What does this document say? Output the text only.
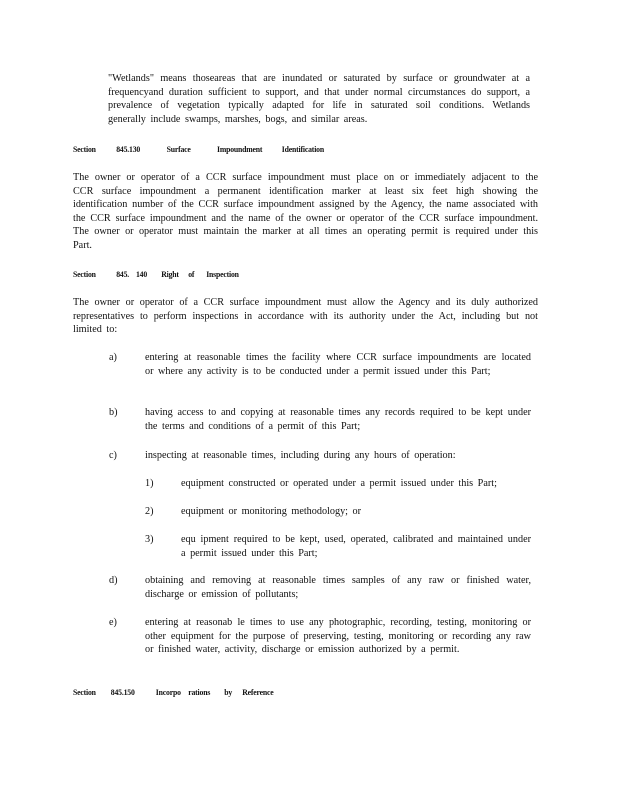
"Wetlands" means thoseareas that are inundated or saturated by surface or groundwater at a frequencyand duration sufficient to support, and that under normal circumstances do support, a prevalence of vegetation typically adapted for life in saturated soil conditions. Wetlands generally include swamps, marshes, bogs, and similar areas.
Section 845.130	Surface	Impoundment Identification
The owner or operator of a CCR surface impoundment must place on or immediately adjacent to the CCR surface impoundment a permanent identification marker at least six feet high showing the identification number of the CCR surface impoundment assigned by the Agency, the name associated with the CCR surface impoundment and the name of the owner or operator of the CCR surface impoundment. The owner or operator must maintain the marker at all times an operating permit is required under this Part.
Section 845. 140 Right of Inspection
The owner or operator of a CCR surface impoundment must allow the Agency and its duly authorized representatives to perform inspections in accordance with its authority under the Act, including but not limited to:
a)	entering at reasonable times the facility where CCR surface impoundments are located or where any activity is to be conducted under a permit issued under this Part;
b)	having access to and copying at reasonable times any records required to be kept under the terms and conditions of a permit of this Part;
c)	inspecting at reasonable times, including during any hours of operation:
1)	equipment constructed or operated under a permit issued under this Part;
2)	equipment or monitoring methodology; or
3)	equ ipment required to be kept, used, operated, calibrated and maintained under a permit issued under this Part;
d)	obtaining and removing at reasonable times samples of any raw or finished water, discharge or emission of pollutants;
e)	entering at reasonab le times to use any photographic, recording, testing, monitoring or other equipment for the purpose of preserving, testing, monitoring or recording any raw or finished water, activity, discharge or emission authorized by a permit.
Section 845.150 Incorpo rations by Reference
